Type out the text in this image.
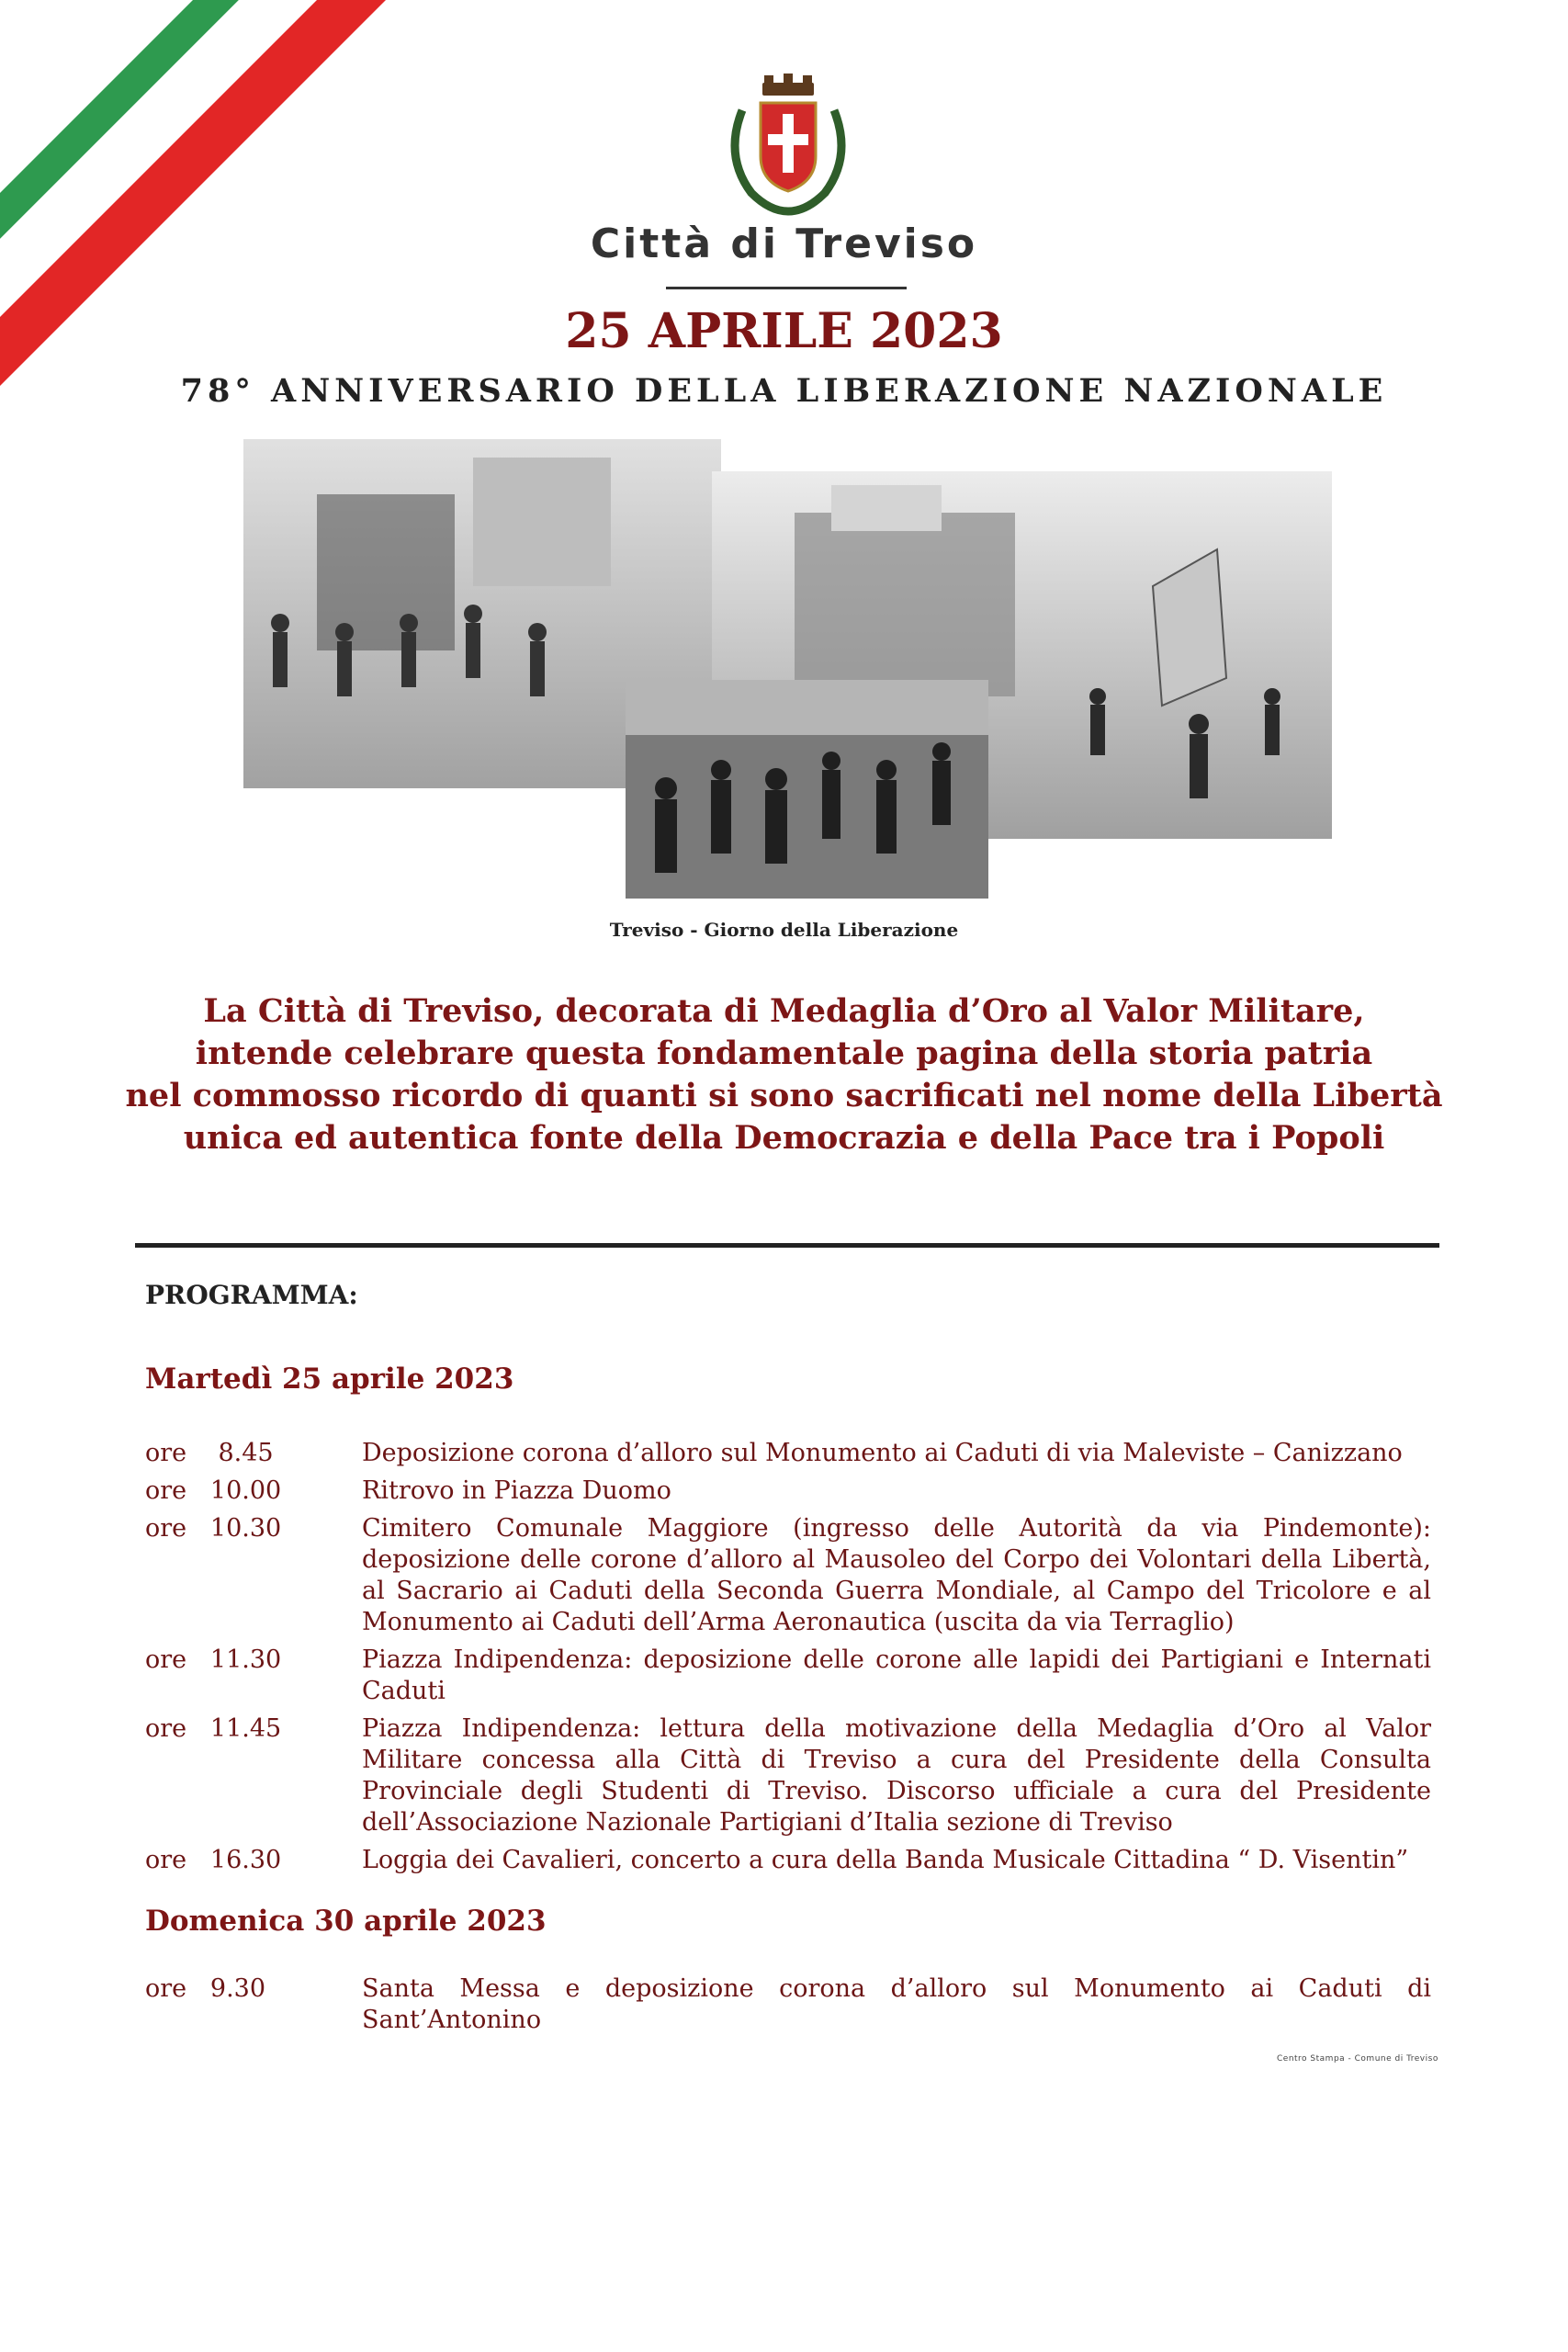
Città di Treviso
25 APRILE 2023
78° ANNIVERSARIO DELLA LIBERAZIONE NAZIONALE
Treviso - Giorno della Liberazione

La Città di Treviso, decorata di Medaglia d’Oro al Valor Militare,

intende celebrare questa fondamentale pagina della storia patria

nel commosso ricordo di quanti si sono sacrificati nel nome della Libertà

unica ed autentica fonte della Democrazia e della Pace tra i Popoli

PROGRAMMA:
Martedì 25 aprile 2023
ore    8.45	Deposizione corona d’alloro sul Monumento ai Caduti di via Maleviste – Canizzano
ore   10.00	Ritrovo in Piazza Duomo
ore   10.30	Cimitero Comunale Maggiore (ingresso delle Autorità da via Pindemonte): deposizione delle corone d’alloro al Mausoleo del Corpo dei Volontari della Libertà, al Sacrario ai Caduti della Seconda Guerra Mondiale, al Campo del Tricolore e al Monumento ai Caduti dell’Arma Aeronautica (uscita da via Terraglio)
ore   11.30	Piazza Indipendenza: deposizione delle corone alle lapidi dei Partigiani e Internati Caduti
ore   11.45	Piazza Indipendenza: lettura della motivazione della Medaglia d’Oro al Valor Militare concessa alla Città di Treviso a cura del Presidente della Consulta Provinciale degli Studenti di Treviso. Discorso ufficiale a cura del Presidente dell’Associazione Nazionale Partigiani d’Italia sezione di Treviso
ore   16.30	Loggia dei Cavalieri, concerto a cura della Banda Musicale Cittadina “ D. Visentin”
Domenica 30 aprile 2023
ore   9.30	Santa Messa e deposizione corona d’alloro sul Monumento ai Caduti di Sant’Antonino
Centro Stampa - Comune di Treviso
